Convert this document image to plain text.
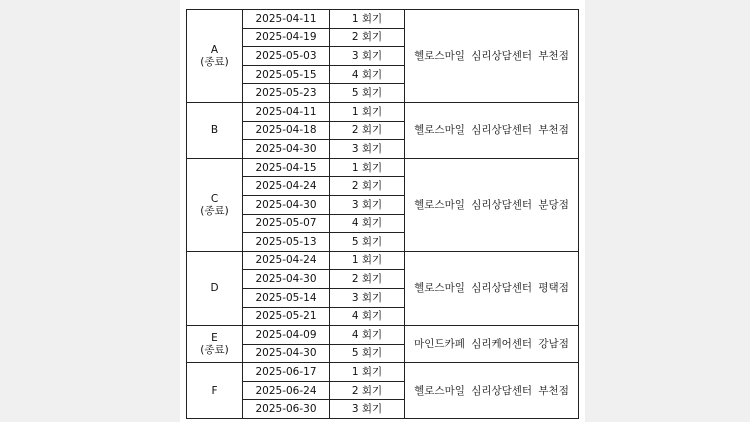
A
(종료)	2025-04-11	1 회기	헬로스마일 심리상담센터 부천점
	2025-04-19	2 회기	
	2025-05-03	3 회기	
	2025-05-15	4 회기	
	2025-05-23	5 회기	
B	2025-04-11	1 회기	헬로스마일 심리상담센터 부천점
	2025-04-18	2 회기	
	2025-04-30	3 회기	
C
(종료)	2025-04-15	1 회기	헬로스마일 심리상담센터 분당점
	2025-04-24	2 회기	
	2025-04-30	3 회기	
	2025-05-07	4 회기	
	2025-05-13	5 회기	
D	2025-04-24	1 회기	헬로스마일 심리상담센터 평택점
	2025-04-30	2 회기	
	2025-05-14	3 회기	
	2025-05-21	4 회기	
E
(종료)	2025-04-09	4 회기	마인드카페 심리케어센터 강남점
	2025-04-30	5 회기	
F	2025-06-17	1 회기	헬로스마일 심리상담센터 부천점
	2025-06-24	2 회기	
	2025-06-30	3 회기	
